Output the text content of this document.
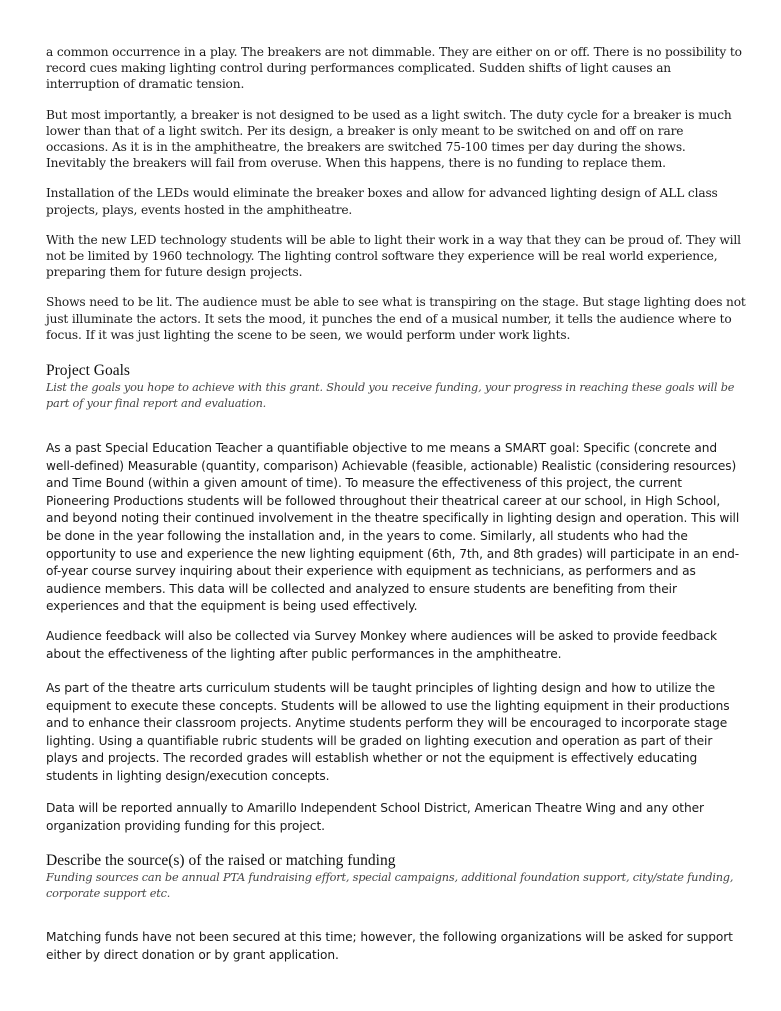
a common occurrence in a play. The breakers are not dimmable. They are either on or off. There is no possibility to record cues making lighting control during performances complicated. Sudden shifts of light causes an interruption of dramatic tension.

But most importantly, a breaker is not designed to be used as a light switch. The duty cycle for a breaker is much lower than that of a light switch. Per its design, a breaker is only meant to be switched on and off on rare occasions. As it is in the amphitheatre, the breakers are switched 75-100 times per day during the shows. Inevitably the breakers will fail from overuse. When this happens, there is no funding to replace them.

Installation of the LEDs would eliminate the breaker boxes and allow for advanced lighting design of ALL class projects, plays, events hosted in the amphitheatre.

With the new LED technology students will be able to light their work in a way that they can be proud of. They will not be limited by 1960 technology. The lighting control software they experience will be real world experience, preparing them for future design projects.

Shows need to be lit. The audience must be able to see what is transpiring on the stage. But stage lighting does not just illuminate the actors. It sets the mood, it punches the end of a musical number, it tells the audience where to focus. If it was just lighting the scene to be seen, we would perform under work lights.

Project Goals

List the goals you hope to achieve with this grant. Should you receive funding, your progress in reaching these goals will be part of your final report and evaluation.

As a past Special Education Teacher a quantifiable objective to me means a SMART goal: Specific (concrete and well-defined) Measurable (quantity, comparison) Achievable (feasible, actionable) Realistic (considering resources) and Time Bound (within a given amount of time). To measure the effectiveness of this project, the current Pioneering Productions students will be followed throughout their theatrical career at our school, in High School, and beyond noting their continued involvement in the theatre specifically in lighting design and operation. This will be done in the year following the installation and, in the years to come. Similarly, all students who had the opportunity to use and experience the new lighting equipment (6th, 7th, and 8th grades) will participate in an end-of-year course survey inquiring about their experience with equipment as technicians, as performers and as audience members. This data will be collected and analyzed to ensure students are benefiting from their experiences and that the equipment is being used effectively.

Audience feedback will also be collected via Survey Monkey where audiences will be asked to provide feedback about the effectiveness of the lighting after public performances in the amphitheatre.

As part of the theatre arts curriculum students will be taught principles of lighting design and how to utilize the equipment to execute these concepts. Students will be allowed to use the lighting equipment in their productions and to enhance their classroom projects. Anytime students perform they will be encouraged to incorporate stage lighting. Using a quantifiable rubric students will be graded on lighting execution and operation as part of their plays and projects. The recorded grades will establish whether or not the equipment is effectively educating students in lighting design/execution concepts.

Data will be reported annually to Amarillo Independent School District, American Theatre Wing and any other organization providing funding for this project.

Describe the source(s) of the raised or matching funding

Funding sources can be annual PTA fundraising effort, special campaigns, additional foundation support, city/state funding, corporate support etc.

Matching funds have not been secured at this time; however, the following organizations will be asked for support either by direct donation or by grant application.
